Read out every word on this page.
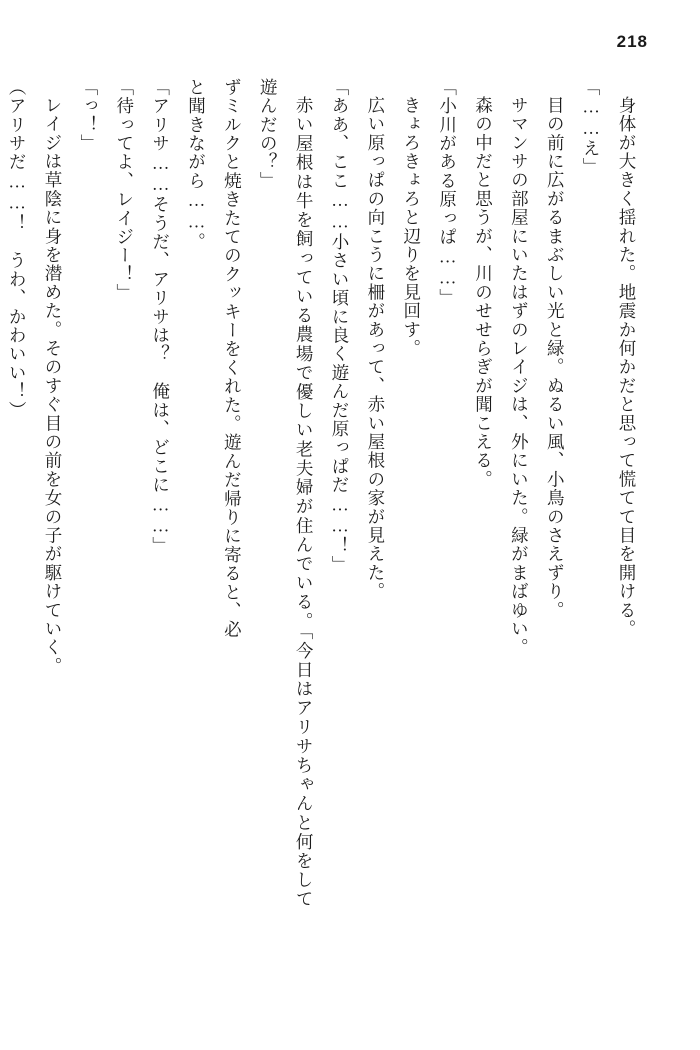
218

身体が大きく揺れた。地震か何かだと思って慌てて目を開ける。

「……え」

目の前に広がるまぶしい光と緑。ぬるい風、小鳥のさえずり。

サマンサの部屋にいたはずのレイジは、外にいた。緑がまばゆい。

森の中だと思うが、川のせせらぎが聞こえる。

「小川がある原っぱ……」

きょろきょろと辺りを見回す。

広い原っぱの向こうに柵があって、赤い屋根の家が見えた。

「ああ、ここ……小さい頃に良く遊んだ原っぱだ……！」

赤い屋根は牛を飼っている農場で優しい老夫婦が住んでいる。「今日はアリサちゃんと何をして遊んだの？」

ずミルクと焼きたてのクッキーをくれた。遊んだ帰りに寄ると、必

と聞きながら……。

「アリサ……そうだ、アリサは？　俺は、どこに……」

「待ってよ、レイジー！」

「っ！」

レイジは草陰に身を潜めた。そのすぐ目の前を女の子が駆けていく。

（アリサだ……！　うわ、かわいい！）
